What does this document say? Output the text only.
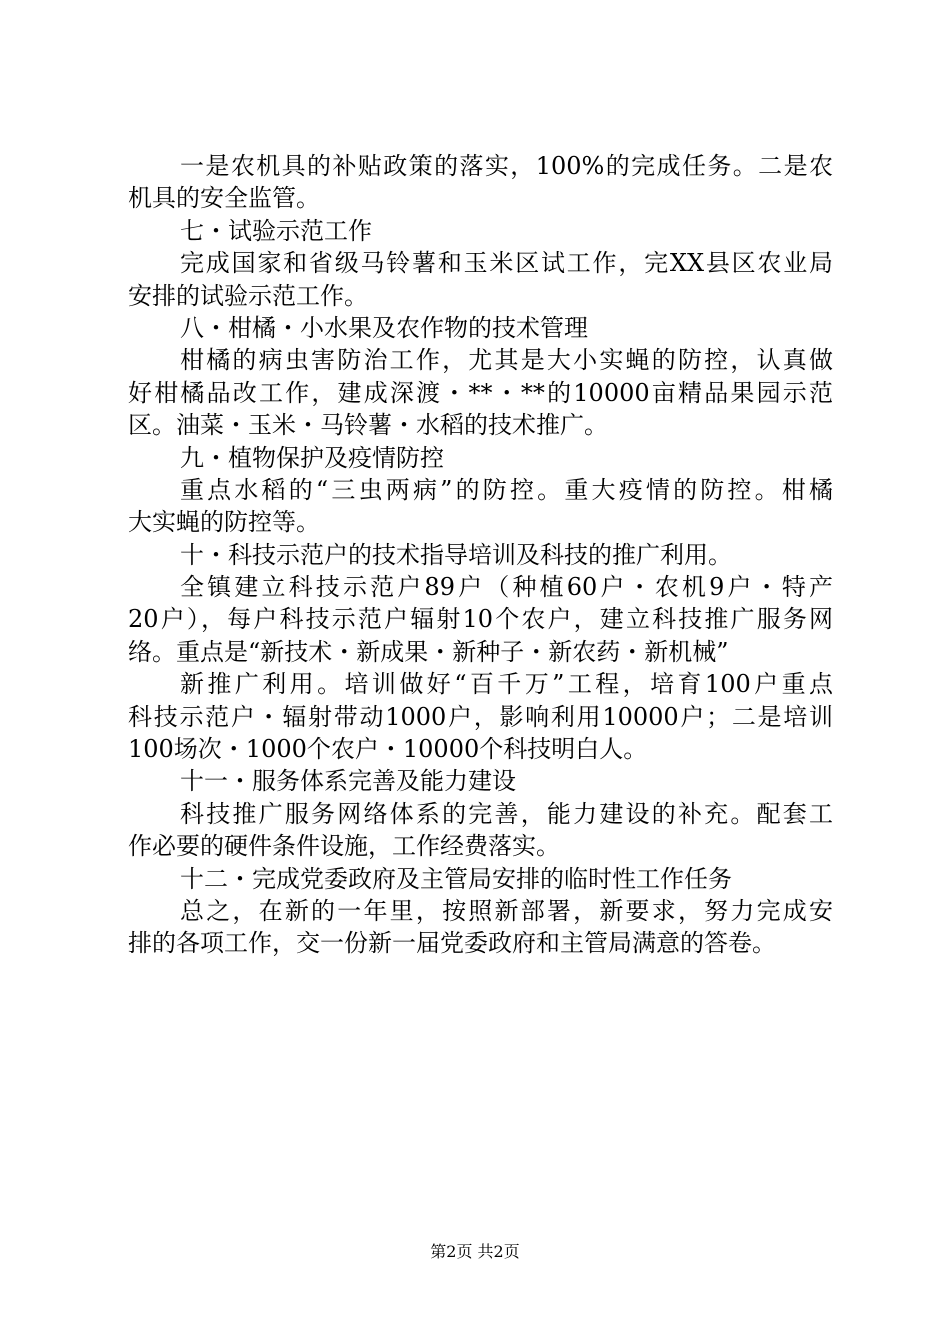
一是农机具的补贴政策的落实，100%的完成任务。二是农
机具的安全监管。
七・试验示范工作
完成国家和省级马铃薯和玉米区试工作，完XX县区农业局
安排的试验示范工作。
八・柑橘・小水果及农作物的技术管理
柑橘的病虫害防治工作，尤其是大小实蝇的防控，认真做
好柑橘品改工作，建成深渡・**・**的10000亩精品果园示范
区。油菜・玉米・马铃薯・水稻的技术推广。
九・植物保护及疫情防控
重点水稻的“三虫两病”的防控。重大疫情的防控。柑橘
大实蝇的防控等。
十・科技示范户的技术指导培训及科技的推广利用。
全镇建立科技示范户89户（种植60户・农机9户・特产
20户），每户科技示范户辐射10个农户，建立科技推广服务网
络。重点是“新技术・新成果・新种子・新农药・新机械”
新推广利用。培训做好“百千万”工程，培育100户重点
科技示范户・辐射带动1000户，影响利用10000户；二是培训
100场次・1000个农户・10000个科技明白人。
十一・服务体系完善及能力建设
科技推广服务网络体系的完善，能力建设的补充。配套工
作必要的硬件条件设施，工作经费落实。
十二・完成党委政府及主管局安排的临时性工作任务
总之，在新的一年里，按照新部署，新要求，努力完成安
排的各项工作，交一份新一届党委政府和主管局满意的答卷。
第2页 共2页
